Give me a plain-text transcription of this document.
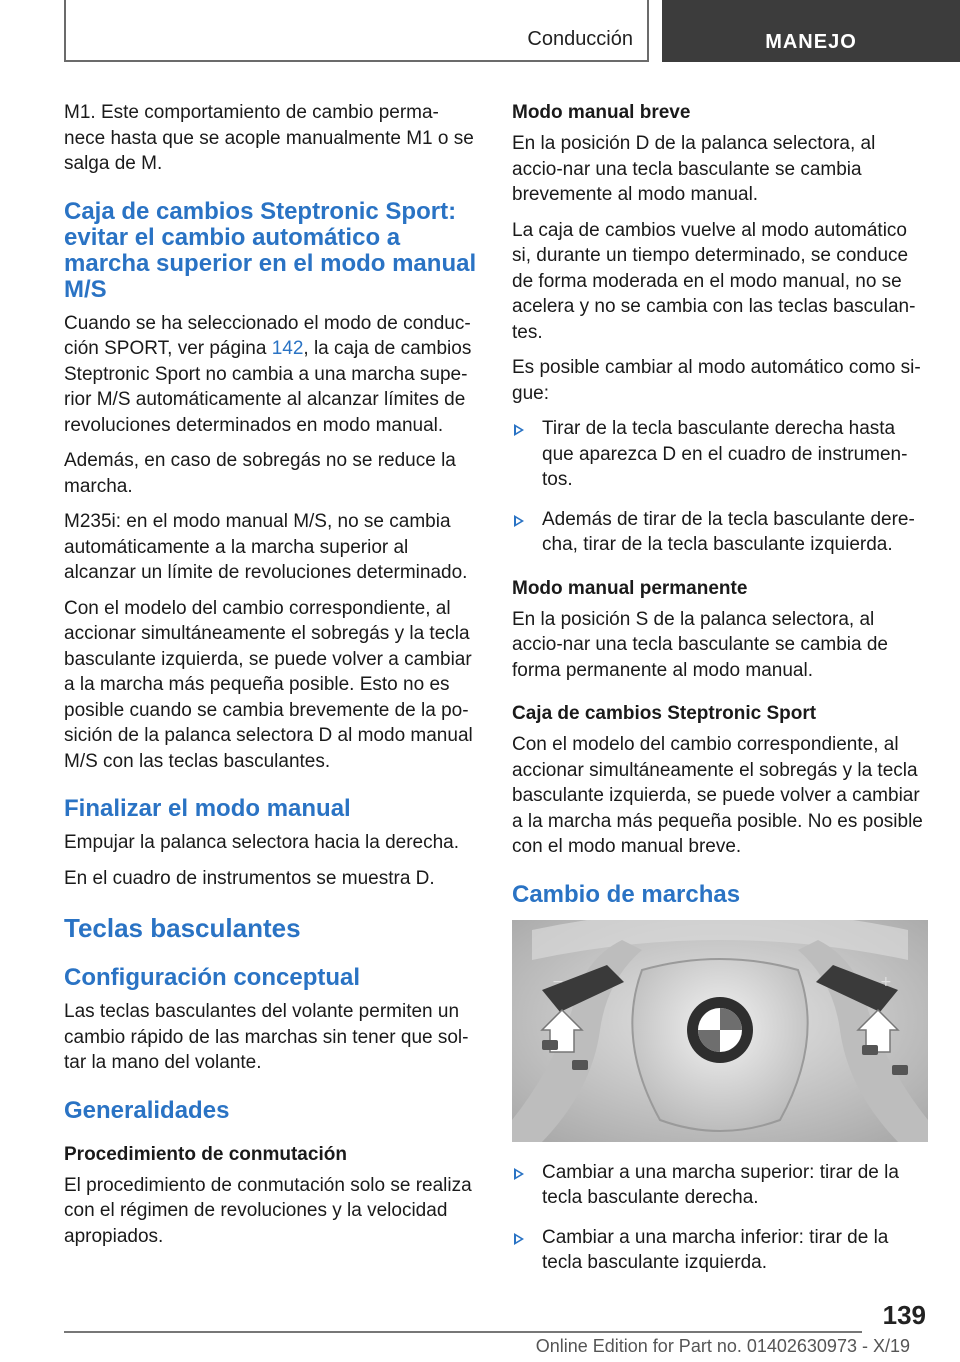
Conducción	MANEJO

M1. Este comportamiento de cambio perma-nece hasta que se acople manualmente M1 o se salga de M.

Caja de cambios Steptronic Sport: evitar el cambio automático a marcha superior en el modo manual M/S

Cuando se ha seleccionado el modo de conduc-ción SPORT, ver página 142, la caja de cambios Steptronic Sport no cambia a una marcha supe-rior M/S automáticamente al alcanzar límites de revoluciones determinados en modo manual.

Además, en caso de sobregás no se reduce la marcha.

M235i: en el modo manual M/S, no se cambia automáticamente a la marcha superior al alcanzar un límite de revoluciones determinado.

Con el modelo del cambio correspondiente, al accionar simultáneamente el sobregás y la tecla basculante izquierda, se puede volver a cambiar a la marcha más pequeña posible. Esto no es posible cuando se cambia brevemente de la po-sición de la palanca selectora D al modo manual M/S con las teclas basculantes.

Finalizar el modo manual

Empujar la palanca selectora hacia la derecha.

En el cuadro de instrumentos se muestra D.

Teclas basculantes
Configuración conceptual

Las teclas basculantes del volante permiten un cambio rápido de las marchas sin tener que sol-tar la mano del volante.

Generalidades
Procedimiento de conmutación

El procedimiento de conmutación solo se realiza con el régimen de revoluciones y la velocidad apropiados.

Modo manual breve

En la posición D de la palanca selectora, al accio-nar una tecla basculante se cambia brevemente al modo manual.

La caja de cambios vuelve al modo automático si, durante un tiempo determinado, se conduce de forma moderada en el modo manual, no se acelera y no se cambia con las teclas basculan-tes.

Es posible cambiar al modo automático como si-gue:

Tirar de la tecla basculante derecha hasta que aparezca D en el cuadro de instrumen-tos.
Además de tirar de la tecla basculante dere-cha, tirar de la tecla basculante izquierda.
Modo manual permanente

En la posición S de la palanca selectora, al accio-nar una tecla basculante se cambia de forma permanente al modo manual.

Caja de cambios Steptronic Sport

Con el modelo del cambio correspondiente, al accionar simultáneamente el sobregás y la tecla basculante izquierda, se puede volver a cambiar a la marcha más pequeña posible. No es posible con el modo manual breve.

Cambio de marchas
−	+
Cambiar a una marcha superior: tirar de la tecla basculante derecha.
Cambiar a una marcha inferior: tirar de la tecla basculante izquierda.
139
Online Edition for Part no. 01402630973 - X/19
